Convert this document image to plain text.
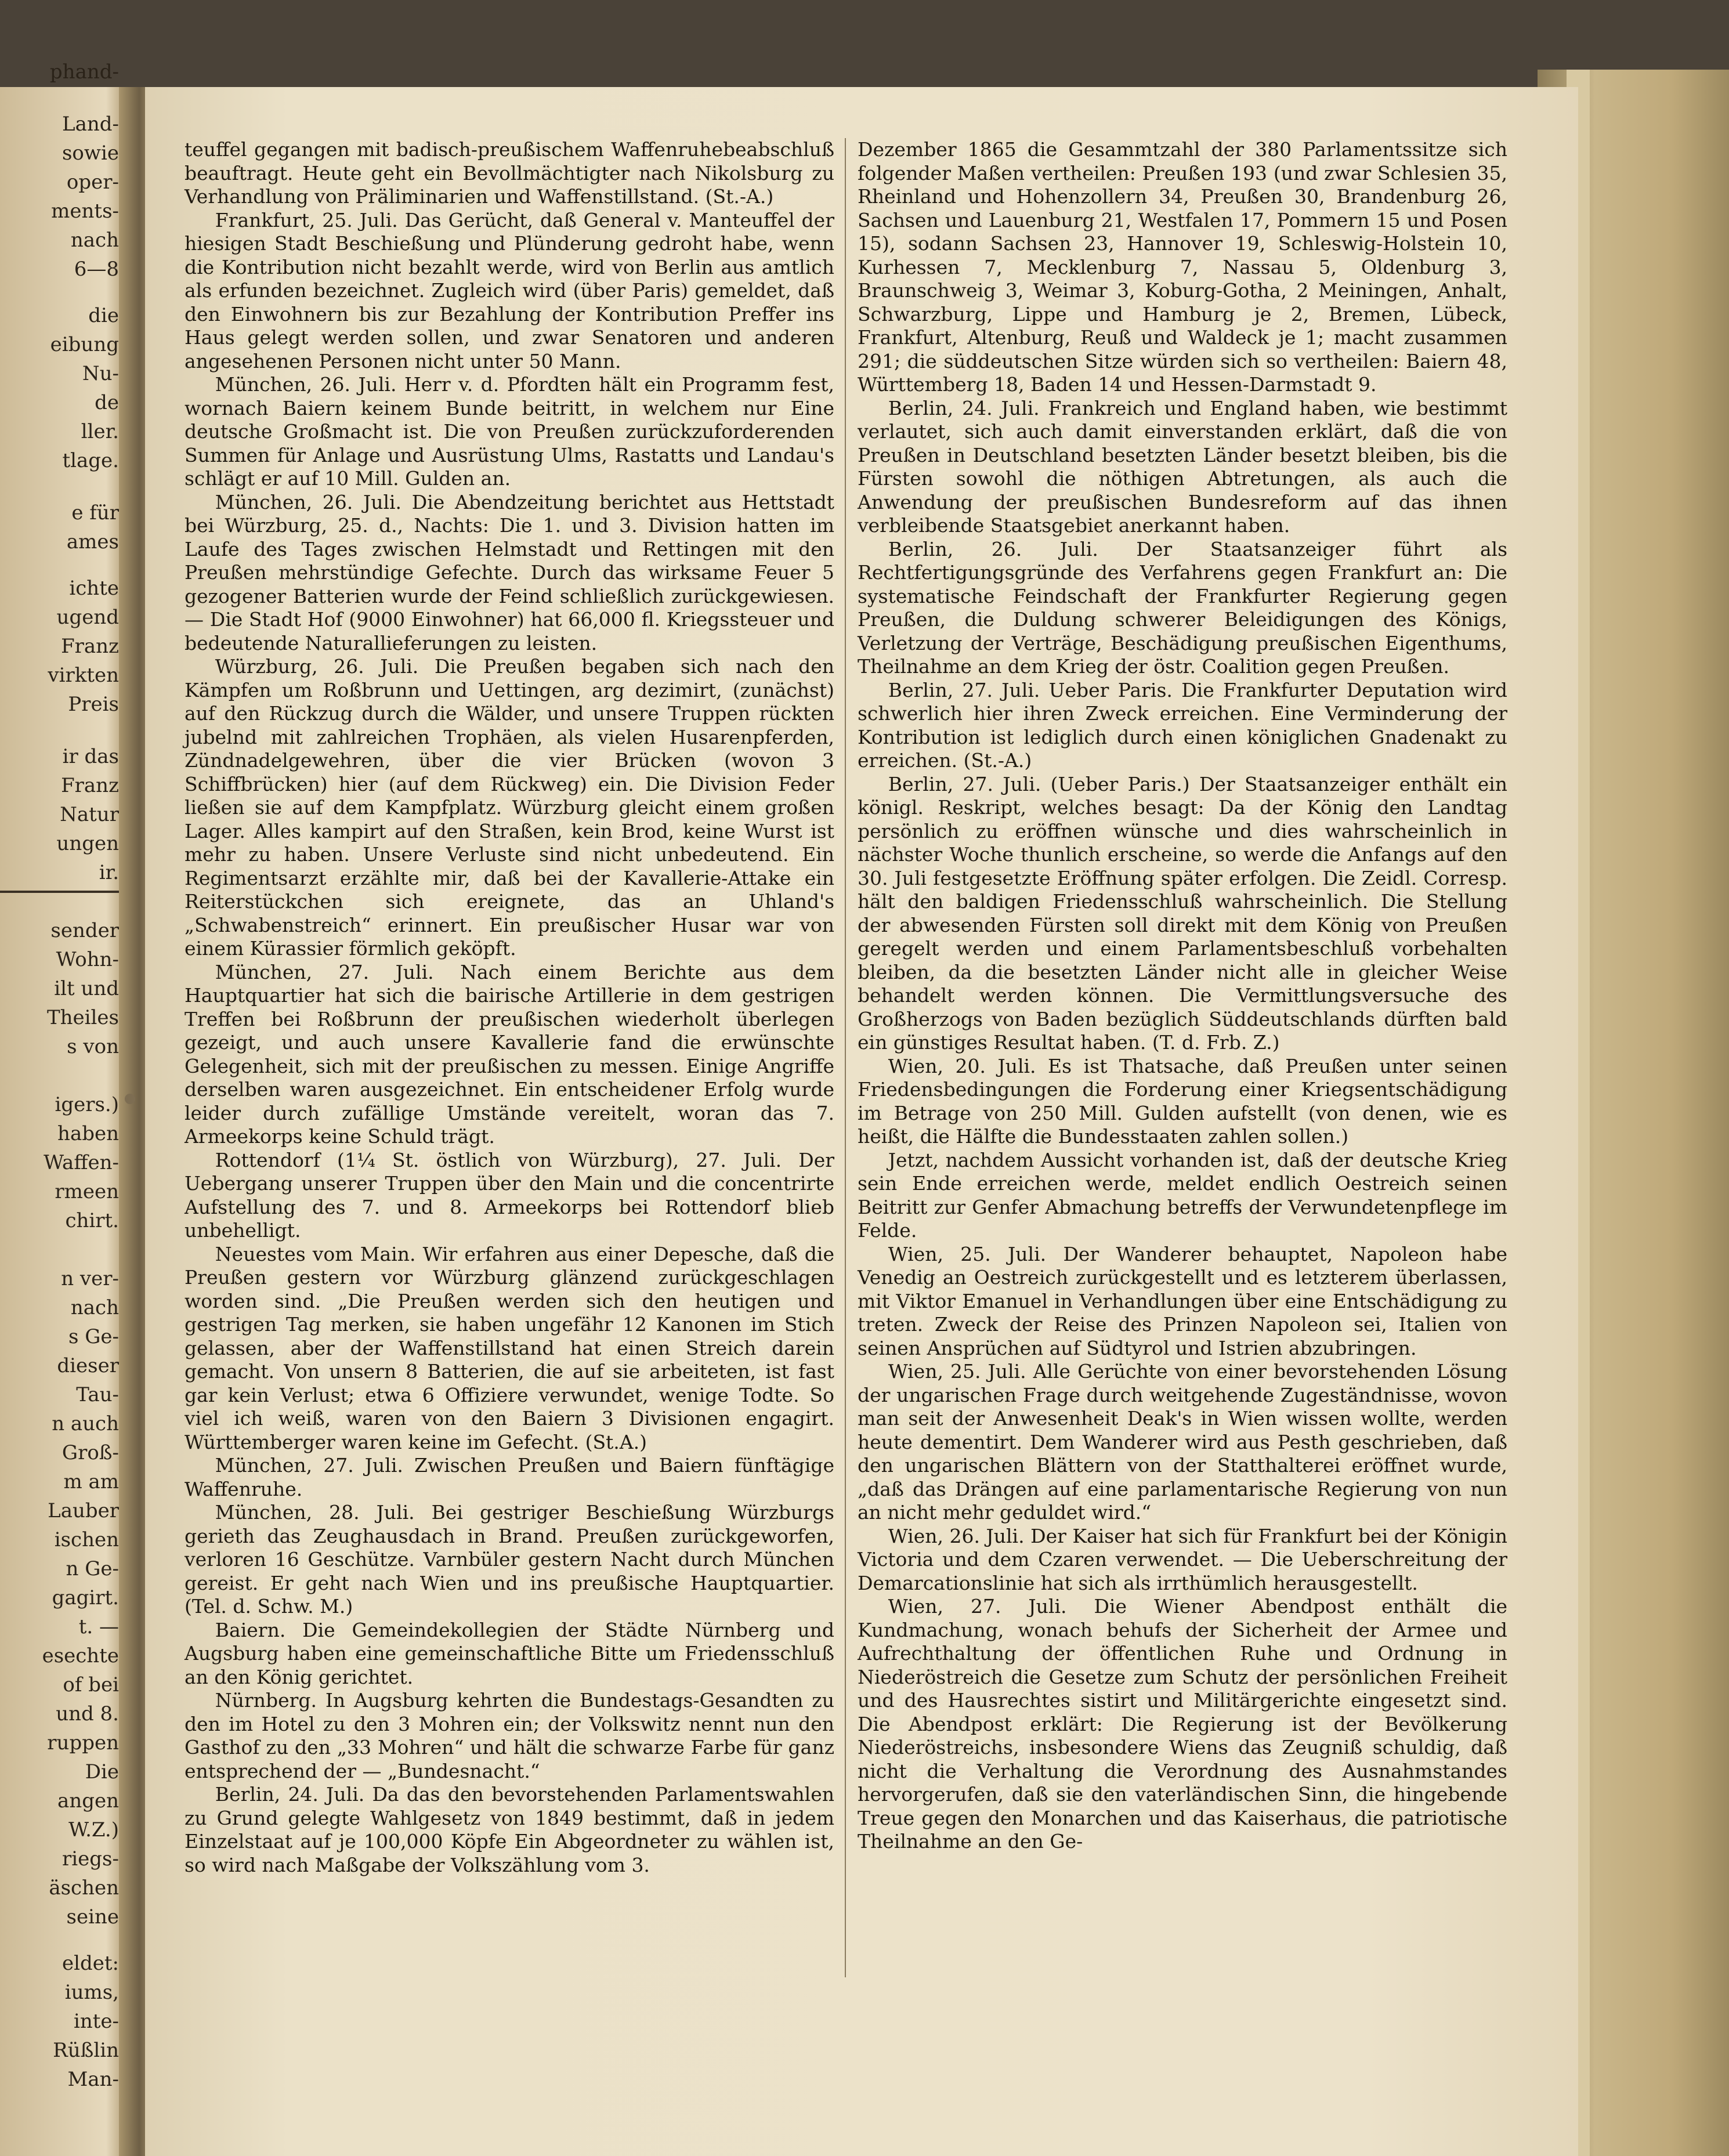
phand-
Land-
sowie
oper-
ments-
nach
6—8
die
eibung
Nu-
de
ller.
tlage.
e für
ames
ichte
ugend
Franz
virkten
Preis
ir das
Franz
Natur
ungen
ir.
sender
Wohn-
ilt und
Theiles
s von
igers.)
haben
Waffen-
rmeen
chirt.
n ver-
nach
s Ge-
dieser
Tau-
n auch
Groß-
m am
Lauber
ischen
n Ge-
gagirt.
t. —
esechte
of bei
und 8.
ruppen
Die
angen
W.Z.)
riegs-
äschen
seine
eldet:
iums,
inte-
Rüßlin
Man-

teuffel gegangen mit badisch-preußischem Waffenruhebeabschluß beauftragt. Heute geht ein Bevollmächtigter nach Nikolsburg zu Verhandlung von Präliminarien und Waffenstillstand. (St.-A.)

Frankfurt, 25. Juli. Das Gerücht, daß General v. Manteuffel der hiesigen Stadt Beschießung und Plünderung gedroht habe, wenn die Kontribution nicht bezahlt werde, wird von Berlin aus amtlich als erfunden bezeichnet. Zugleich wird (über Paris) gemeldet, daß den Einwohnern bis zur Bezahlung der Kontribution Preffer ins Haus gelegt werden sollen, und zwar Senatoren und anderen angesehenen Personen nicht unter 50 Mann.

München, 26. Juli. Herr v. d. Pfordten hält ein Programm fest, wornach Baiern keinem Bunde beitritt, in welchem nur Eine deutsche Großmacht ist. Die von Preußen zurückzuforderenden Summen für Anlage und Ausrüstung Ulms, Rastatts und Landau's schlägt er auf 10 Mill. Gulden an.

München, 26. Juli. Die Abendzeitung berichtet aus Hettstadt bei Würzburg, 25. d., Nachts: Die 1. und 3. Division hatten im Laufe des Tages zwischen Helmstadt und Rettingen mit den Preußen mehrstündige Gefechte. Durch das wirksame Feuer 5 gezogener Batterien wurde der Feind schließlich zurückgewiesen. — Die Stadt Hof (9000 Einwohner) hat 66,000 fl. Kriegssteuer und bedeutende Naturallieferungen zu leisten.

Würzburg, 26. Juli. Die Preußen begaben sich nach den Kämpfen um Roßbrunn und Uettingen, arg dezimirt, (zunächst) auf den Rückzug durch die Wälder, und unsere Truppen rückten jubelnd mit zahlreichen Trophäen, als vielen Husarenpferden, Zündnadelgewehren, über die vier Brücken (wovon 3 Schiffbrücken) hier (auf dem Rückweg) ein. Die Division Feder ließen sie auf dem Kampfplatz. Würzburg gleicht einem großen Lager. Alles kampirt auf den Straßen, kein Brod, keine Wurst ist mehr zu haben. Unsere Verluste sind nicht unbedeutend. Ein Regimentsarzt erzählte mir, daß bei der Kavallerie-Attake ein Reiterstückchen sich ereignete, das an Uhland's „Schwabenstreich“ erinnert. Ein preußischer Husar war von einem Kürassier förmlich geköpft.

München, 27. Juli. Nach einem Berichte aus dem Hauptquartier hat sich die bairische Artillerie in dem gestrigen Treffen bei Roßbrunn der preußischen wiederholt überlegen gezeigt, und auch unsere Kavallerie fand die erwünschte Gelegenheit, sich mit der preußischen zu messen. Einige Angriffe derselben waren ausgezeichnet. Ein entscheidener Erfolg wurde leider durch zufällige Umstände vereitelt, woran das 7. Armeekorps keine Schuld trägt.

Rottendorf (1¼ St. östlich von Würzburg), 27. Juli. Der Uebergang unserer Truppen über den Main und die concentrirte Aufstellung des 7. und 8. Armeekorps bei Rottendorf blieb unbehelligt.

Neuestes vom Main. Wir erfahren aus einer Depesche, daß die Preußen gestern vor Würzburg glänzend zurückgeschlagen worden sind. „Die Preußen werden sich den heutigen und gestrigen Tag merken, sie haben ungefähr 12 Kanonen im Stich gelassen, aber der Waffenstillstand hat einen Streich darein gemacht. Von unsern 8 Batterien, die auf sie arbeiteten, ist fast gar kein Verlust; etwa 6 Offiziere verwundet, wenige Todte. So viel ich weiß, waren von den Baiern 3 Divisionen engagirt. Württemberger waren keine im Gefecht. (St.A.)

München, 27. Juli. Zwischen Preußen und Baiern fünftägige Waffenruhe.

München, 28. Juli. Bei gestriger Beschießung Würzburgs gerieth das Zeughausdach in Brand. Preußen zurückgeworfen, verloren 16 Geschütze. Varnbüler gestern Nacht durch München gereist. Er geht nach Wien und ins preußische Hauptquartier. (Tel. d. Schw. M.)

Baiern. Die Gemeindekollegien der Städte Nürnberg und Augsburg haben eine gemeinschaftliche Bitte um Friedensschluß an den König gerichtet.

Nürnberg. In Augsburg kehrten die Bundestags-Gesandten zu den im Hotel zu den 3 Mohren ein; der Volkswitz nennt nun den Gasthof zu den „33 Mohren“ und hält die schwarze Farbe für ganz entsprechend der — „Bundesnacht.“

Berlin, 24. Juli. Da das den bevorstehenden Parlamentswahlen zu Grund gelegte Wahlgesetz von 1849 bestimmt, daß in jedem Einzelstaat auf je 100,000 Köpfe Ein Abgeordneter zu wählen ist, so wird nach Maßgabe der Volkszählung vom 3.

Dezember 1865 die Gesammtzahl der 380 Parlamentssitze sich folgender Maßen vertheilen: Preußen 193 (und zwar Schlesien 35, Rheinland und Hohenzollern 34, Preußen 30, Brandenburg 26, Sachsen und Lauenburg 21, Westfalen 17, Pommern 15 und Posen 15), sodann Sachsen 23, Hannover 19, Schleswig-Holstein 10, Kurhessen 7, Mecklenburg 7, Nassau 5, Oldenburg 3, Braunschweig 3, Weimar 3, Koburg-Gotha, 2 Meiningen, Anhalt, Schwarzburg, Lippe und Hamburg je 2, Bremen, Lübeck, Frankfurt, Altenburg, Reuß und Waldeck je 1; macht zusammen 291; die süddeutschen Sitze würden sich so vertheilen: Baiern 48, Württemberg 18, Baden 14 und Hessen-Darmstadt 9.

Berlin, 24. Juli. Frankreich und England haben, wie bestimmt verlautet, sich auch damit einverstanden erklärt, daß die von Preußen in Deutschland besetzten Länder besetzt bleiben, bis die Fürsten sowohl die nöthigen Abtretungen, als auch die Anwendung der preußischen Bundesreform auf das ihnen verbleibende Staatsgebiet anerkannt haben.

Berlin, 26. Juli. Der Staatsanzeiger führt als Rechtfertigungsgründe des Verfahrens gegen Frankfurt an: Die systematische Feindschaft der Frankfurter Regierung gegen Preußen, die Duldung schwerer Beleidigungen des Königs, Verletzung der Verträge, Beschädigung preußischen Eigenthums, Theilnahme an dem Krieg der östr. Coalition gegen Preußen.

Berlin, 27. Juli. Ueber Paris. Die Frankfurter Deputation wird schwerlich hier ihren Zweck erreichen. Eine Verminderung der Kontribution ist lediglich durch einen königlichen Gnadenakt zu erreichen. (St.-A.)

Berlin, 27. Juli. (Ueber Paris.) Der Staatsanzeiger enthält ein königl. Reskript, welches besagt: Da der König den Landtag persönlich zu eröffnen wünsche und dies wahrscheinlich in nächster Woche thunlich erscheine, so werde die Anfangs auf den 30. Juli festgesetzte Eröffnung später erfolgen. Die Zeidl. Corresp. hält den baldigen Friedensschluß wahrscheinlich. Die Stellung der abwesenden Fürsten soll direkt mit dem König von Preußen geregelt werden und einem Parlamentsbeschluß vorbehalten bleiben, da die besetzten Länder nicht alle in gleicher Weise behandelt werden können. Die Vermittlungsversuche des Großherzogs von Baden bezüglich Süddeutschlands dürften bald ein günstiges Resultat haben. (T. d. Frb. Z.)

Wien, 20. Juli. Es ist Thatsache, daß Preußen unter seinen Friedensbedingungen die Forderung einer Kriegsentschädigung im Betrage von 250 Mill. Gulden aufstellt (von denen, wie es heißt, die Hälfte die Bundesstaaten zahlen sollen.)

Jetzt, nachdem Aussicht vorhanden ist, daß der deutsche Krieg sein Ende erreichen werde, meldet endlich Oestreich seinen Beitritt zur Genfer Abmachung betreffs der Verwundetenpflege im Felde.

Wien, 25. Juli. Der Wanderer behauptet, Napoleon habe Venedig an Oestreich zurückgestellt und es letzterem überlassen, mit Viktor Emanuel in Verhandlungen über eine Entschädigung zu treten. Zweck der Reise des Prinzen Napoleon sei, Italien von seinen Ansprüchen auf Südtyrol und Istrien abzubringen.

Wien, 25. Juli. Alle Gerüchte von einer bevorstehenden Lösung der ungarischen Frage durch weitgehende Zugeständnisse, wovon man seit der Anwesenheit Deak's in Wien wissen wollte, werden heute dementirt. Dem Wanderer wird aus Pesth geschrieben, daß den ungarischen Blättern von der Statthalterei eröffnet wurde, „daß das Drängen auf eine parlamentarische Regierung von nun an nicht mehr geduldet wird.“

Wien, 26. Juli. Der Kaiser hat sich für Frankfurt bei der Königin Victoria und dem Czaren verwendet. — Die Ueberschreitung der Demarcationslinie hat sich als irrthümlich herausgestellt.

Wien, 27. Juli. Die Wiener Abendpost enthält die Kundmachung, wonach behufs der Sicherheit der Armee und Aufrechthaltung der öffentlichen Ruhe und Ordnung in Niederöstreich die Gesetze zum Schutz der persönlichen Freiheit und des Hausrechtes sistirt und Militärgerichte eingesetzt sind. Die Abendpost erklärt: Die Regierung ist der Bevölkerung Niederöstreichs, insbesondere Wiens das Zeugniß schuldig, daß nicht die Verhaltung die Verordnung des Ausnahmstandes hervorgerufen, daß sie den vaterländischen Sinn, die hingebende Treue gegen den Monarchen und das Kaiserhaus, die patriotische Theilnahme an den Ge-
